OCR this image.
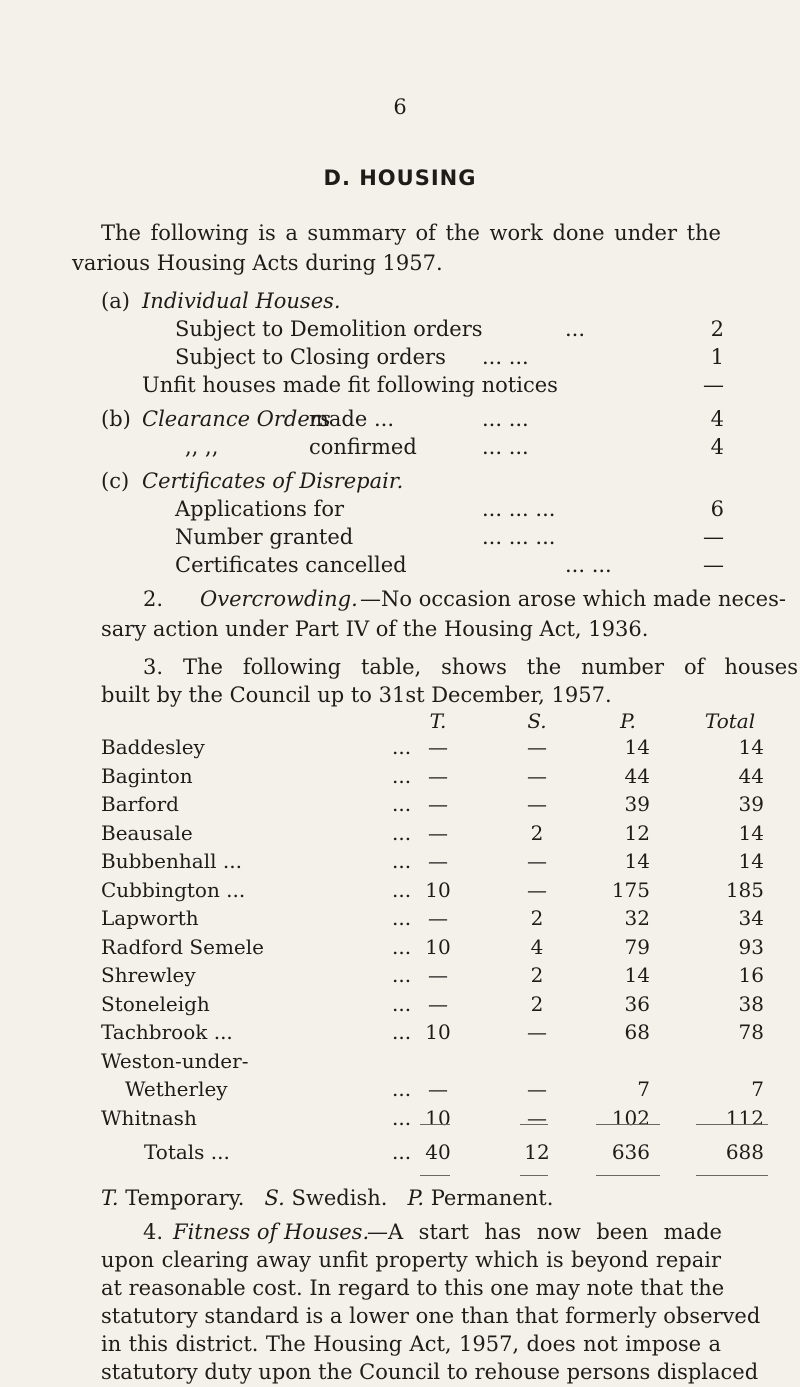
6
D. HOUSING
The following is a summary of the work done under the
various Housing Acts during 1957.
(a) Individual Houses.
Subject to Demolition orders	...	2
Subject to Closing orders ... ...	1
Unfit houses made fit following notices	—
(b) Clearance Orders
made ...	... ...	4
,, ,,	confirmed	... ...	4
(c) Certificates of Disrepair.
Applications for	... ... ...	6
Number granted	... ... ...	—
Certificates cancelled	... ...	—
2. Overcrowding. —No occasion arose which made neces-
sary action under Part IV of the Housing Act, 1936.
3. The following table, shows the number of houses
built by the Council up to 31st December, 1957.
T.	S.	P.	Total
Baddesley	... —	—	14	14
Baginton	... —	—	44	44
Barford	... —	—	39	39
Beausale	... —	2	12	14
Bubbenhall ...	... —	—	14	14
Cubbington ...	... 10	—	175	185
Lapworth	... —	2	32	34
Radford Semele	... 10	4	79	93
Shrewley	... —	2	14	16
Stoneleigh	... —	2	36	38
Tachbrook ...	... 10	—	68	78
Weston-under-
Wetherley	... —	—	7	7
Whitnash	... 10	—	102	112
Totals ...	... 40	12	636	688
T. Temporary. S. Swedish. P. Permanent.
4. Fitness of Houses.
—A start has now been made
upon clearing away unfit property which is beyond repair
at reasonable cost. In regard to this one may note that the
statutory standard is a lower one than that formerly observed
in this district. The Housing Act, 1957, does not impose a
statutory duty upon the Council to rehouse persons displaced
